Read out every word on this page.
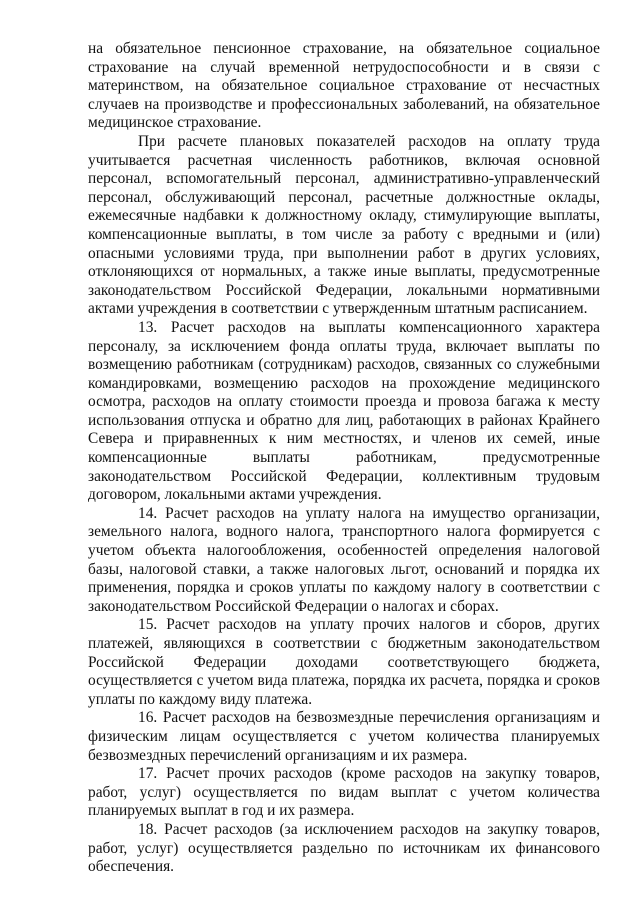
на обязательное пенсионное страхование, на обязательное социальное страхование на случай временной нетрудоспособности и в связи с материнством, на обязательное социальное страхование от несчастных случаев на производстве и профессиональных заболеваний, на обязательное медицинское страхование.

При расчете плановых показателей расходов на оплату труда учитывается расчетная численность работников, включая основной персонал, вспомогательный персонал, административно-управленческий персонал, обслуживающий персонал, расчетные должностные оклады, ежемесячные надбавки к должностному окладу, стимулирующие выплаты, компенсационные выплаты, в том числе за работу с вредными и (или) опасными условиями труда, при выполнении работ в других условиях, отклоняющихся от нормальных, а также иные выплаты, предусмотренные законодательством Российской Федерации, локальными нормативными актами учреждения в соответствии с утвержденным штатным расписанием.

13. Расчет расходов на выплаты компенсационного характера персоналу, за исключением фонда оплаты труда, включает выплаты по возмещению работникам (сотрудникам) расходов, связанных со служебными командировками, возмещению расходов на прохождение медицинского осмотра, расходов на оплату стоимости проезда и провоза багажа к месту использования отпуска и обратно для лиц, работающих в районах Крайнего Севера и приравненных к ним местностях, и членов их семей, иные компенсационные выплаты работникам, предусмотренные законодательством Российской Федерации, коллективным трудовым договором, локальными актами учреждения.

14. Расчет расходов на уплату налога на имущество организации, земельного налога, водного налога, транспортного налога формируется с учетом объекта налогообложения, особенностей определения налоговой базы, налоговой ставки, а также налоговых льгот, оснований и порядка их применения, порядка и сроков уплаты по каждому налогу в соответствии с законодательством Российской Федерации о налогах и сборах.

15. Расчет расходов на уплату прочих налогов и сборов, других платежей, являющихся в соответствии с бюджетным законодательством Российской Федерации доходами соответствующего бюджета, осуществляется с учетом вида платежа, порядка их расчета, порядка и сроков уплаты по каждому виду платежа.

16. Расчет расходов на безвозмездные перечисления организациям и физическим лицам осуществляется с учетом количества планируемых безвозмездных перечислений организациям и их размера.

17. Расчет прочих расходов (кроме расходов на закупку товаров, работ, услуг) осуществляется по видам выплат с учетом количества планируемых выплат в год и их размера.

18. Расчет расходов (за исключением расходов на закупку товаров, работ, услуг) осуществляется раздельно по источникам их финансового обеспечения.
